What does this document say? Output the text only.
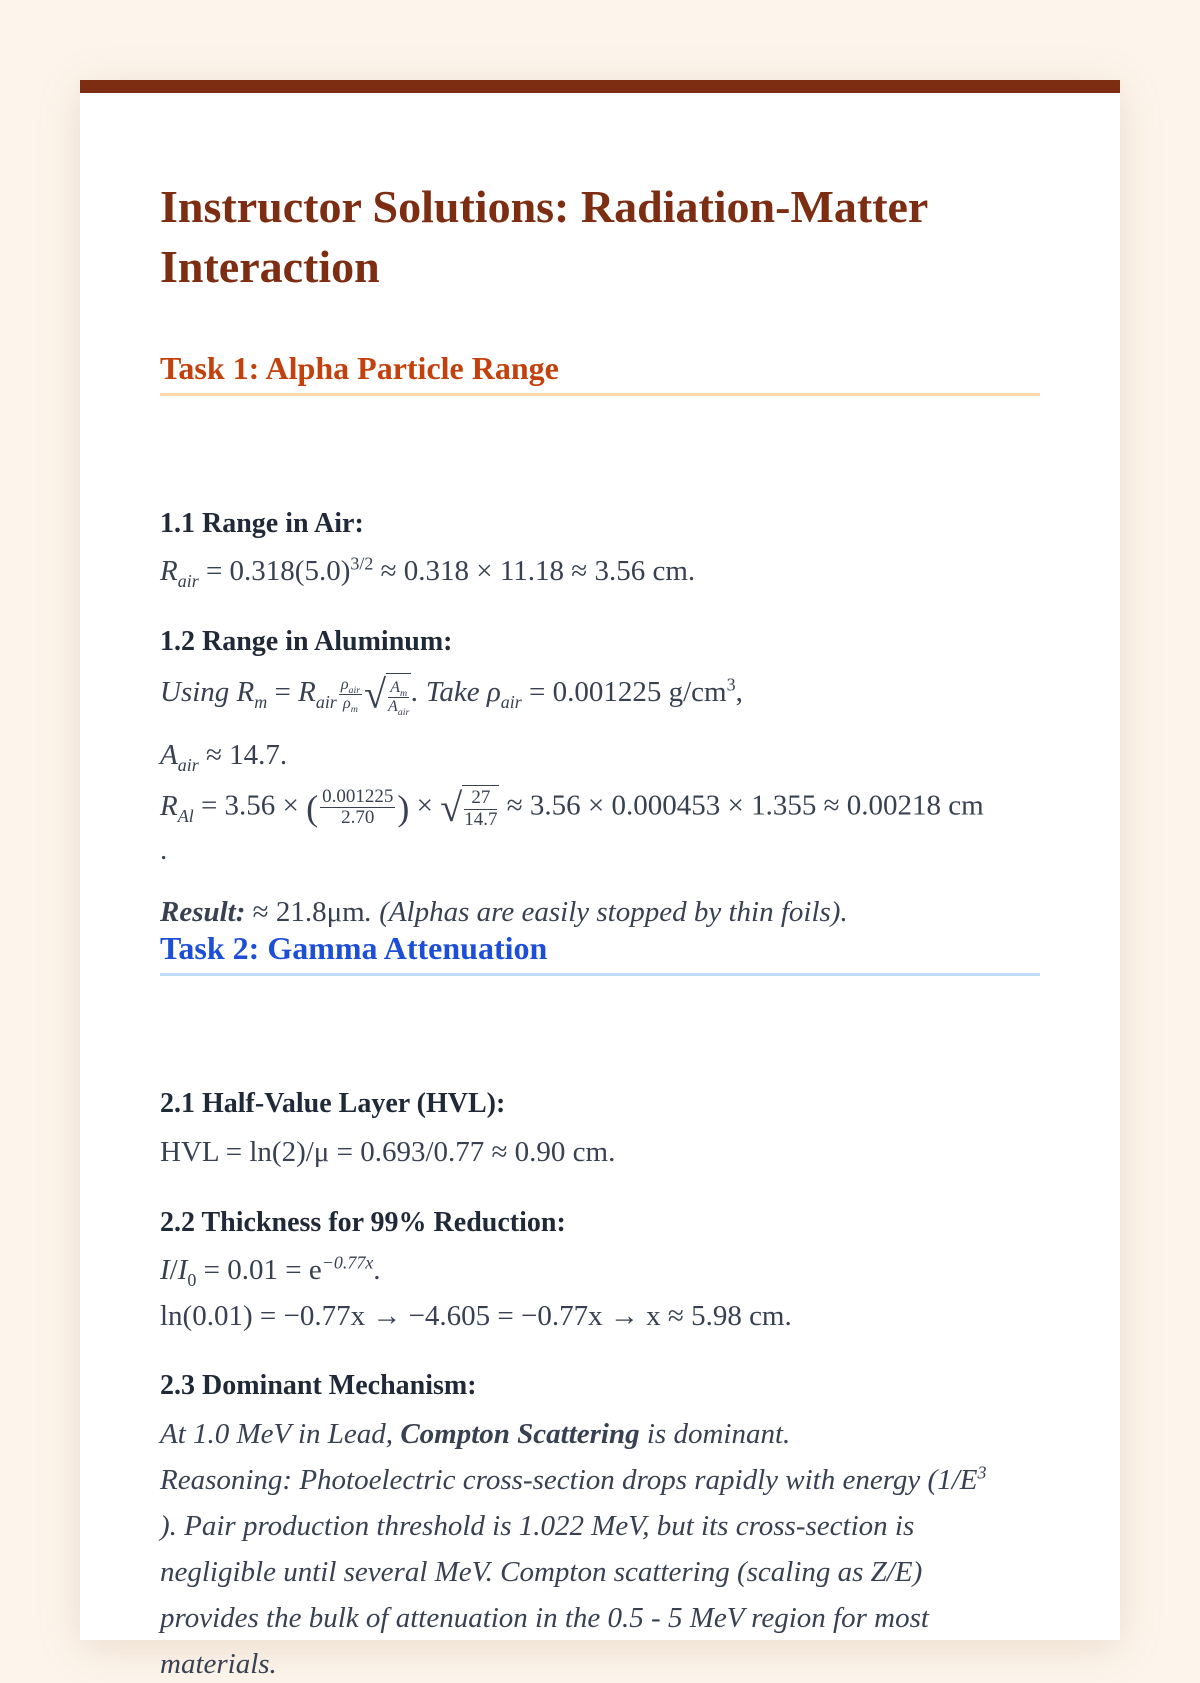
Instructor Solutions: Radiation-Matter Interaction
Task 1: Alpha Particle Range
1.1 Range in Air:
$R_{air} = 0.318(5.0)^{3/2} \approx 0.318 \times 11.18 \approx 3.56$ cm.
1.2 Range in Aluminum:
Using $R_m = R_{air} \frac{\rho_{air}}{\rho_m}$ √ $\frac{A_m}{A_{air}}$ . Take $\rho_{air} = 0.001225$ $g/cm^3$,
$A_{air} \approx 14.7$.
$R_{Al} = 3.56$ × ( $\frac{0.001225}{2.70}$ ) × √ $\frac{27}{14.7} \approx 3.56 \times 0.000453 \times 1.355 \approx 0.00218$ cm
.
Result: ≈ 21.8μm. (Alphas are easily stopped by thin foils).
Task 2: Gamma Attenuation
2.1 Half-Value Layer (HVL):
HVL = ln(2)/μ = 0.693/0.77 ≈ 0.90 cm.
2.2 Thickness for 99% Reduction:
$I/I_0 = 0.01 = e^{-0.77x}$.
ln(0.01) = −0.77x → −4.605 = −0.77x → x ≈ 5.98 cm.
2.3 Dominant Mechanism:
At 1.0 MeV in Lead, Compton Scattering is dominant.
Reasoning: Photoelectric cross-section drops rapidly with energy ($1/E^3$
). Pair production threshold is 1.022 MeV, but its cross-section is
negligible until several MeV. Compton scattering (scaling as Z/E)
provides the bulk of attenuation in the 0.5 - 5 MeV region for most
materials.
